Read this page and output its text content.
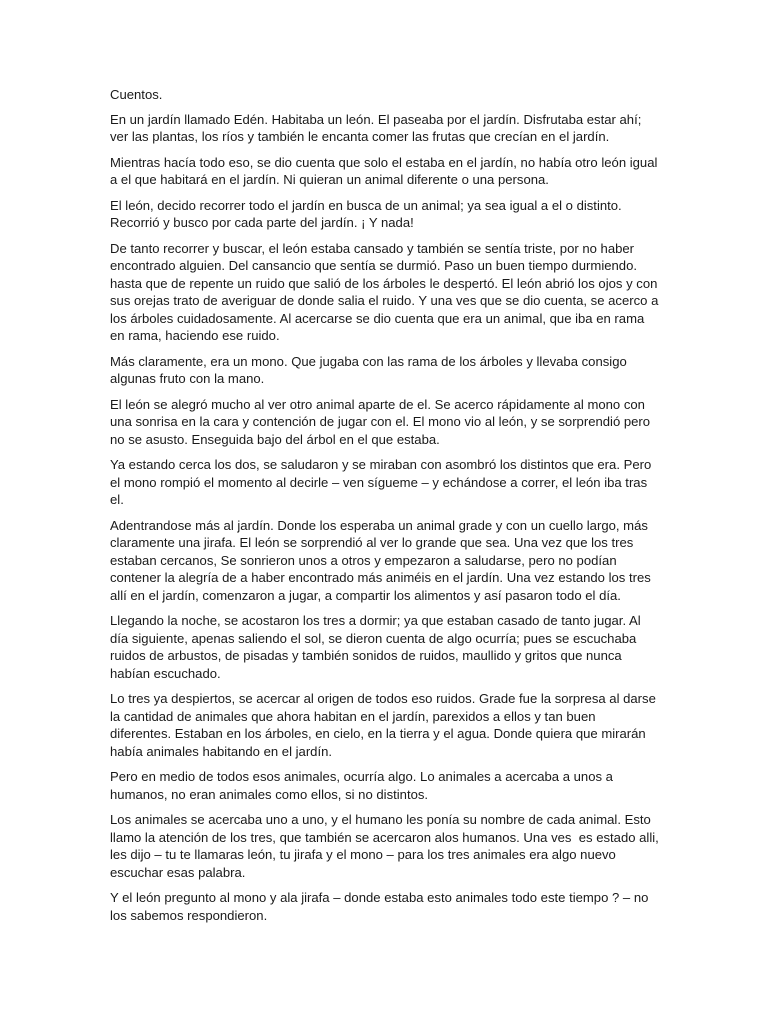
Cuentos.
En un jardín llamado Edén. Habitaba un león. El paseaba por el jardín. Disfrutaba estar ahí; ver las plantas, los ríos y también le encanta comer las frutas que crecían en el jardín.
Mientras hacía todo eso, se dio cuenta que solo el estaba en el jardín, no había otro león igual a el que habitará en el jardín. Ni quieran un animal diferente o una persona.
El león, decido recorrer todo el jardín en busca de un animal; ya sea igual a el o distinto. Recorrió y busco por cada parte del jardín. ¡ Y nada!
De tanto recorrer y buscar, el león estaba cansado y también se sentía triste, por no haber encontrado alguien. Del cansancio que sentía se durmió. Paso un buen tiempo durmiendo. hasta que de repente un ruido que salió de los árboles le despertó. El león abrió los ojos y con sus orejas trato de averiguar de donde salia el ruido. Y una ves que se dio cuenta, se acerco a los árboles cuidadosamente. Al acercarse se dio cuenta que era un animal, que iba en rama en rama, haciendo ese ruido.
Más claramente, era un mono. Que jugaba con las rama de los árboles y llevaba consigo algunas fruto con la mano.
El león se alegró mucho al ver otro animal aparte de el. Se acerco rápidamente al mono con una sonrisa en la cara y contención de jugar con el. El mono vio al león, y se sorprendió pero no se asusto. Enseguida bajo del árbol en el que estaba.
Ya estando cerca los dos, se saludaron y se miraban con asombró los distintos que era. Pero el mono rompió el momento al decirle – ven sígueme – y echándose a correr, el león iba tras el.
Adentrandose más al jardín. Donde los esperaba un animal grade y con un cuello largo, más claramente una jirafa. El león se sorprendió al ver lo grande que sea. Una vez que los tres estaban cercanos, Se sonrieron unos a otros y empezaron a saludarse, pero no podían contener la alegría de a haber encontrado más animéis en el jardín. Una vez estando los tres allí en el jardín, comenzaron a jugar, a compartir los alimentos y así pasaron todo el día.
Llegando la noche, se acostaron los tres a dormir; ya que estaban casado de tanto jugar. Al día siguiente, apenas saliendo el sol, se dieron cuenta de algo ocurría; pues se escuchaba ruidos de arbustos, de pisadas y también sonidos de ruidos, maullido y gritos que nunca habían escuchado.
Lo tres ya despiertos, se acercar al origen de todos eso ruidos. Grade fue la sorpresa al darse la cantidad de animales que ahora habitan en el jardín, parexidos a ellos y tan buen diferentes. Estaban en los árboles, en cielo, en la tierra y el agua. Donde quiera que mirarán había animales habitando en el jardín.
Pero en medio de todos esos animales, ocurría algo. Lo animales a acercaba a unos a humanos, no eran animales como ellos, si no distintos.
Los animales se acercaba uno a uno, y el humano les ponía su nombre de cada animal. Esto llamo la atención de los tres, que también se acercaron alos humanos. Una ves  es estado alli, les dijo – tu te llamaras león, tu jirafa y el mono – para los tres animales era algo nuevo escuchar esas palabra.
Y el león pregunto al mono y ala jirafa – donde estaba esto animales todo este tiempo ? – no los sabemos respondieron.
